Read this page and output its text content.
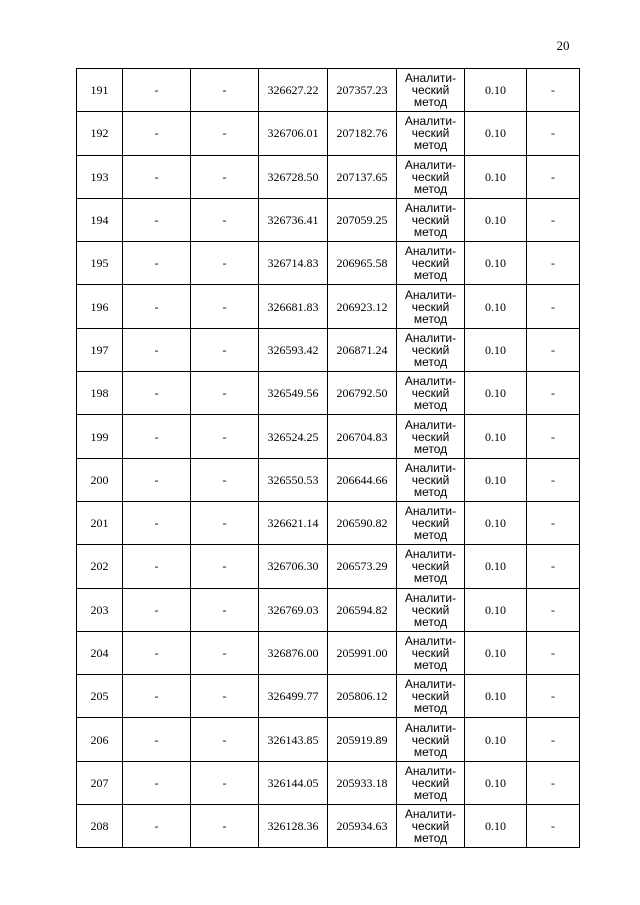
20
191	-	-	326627.22	207357.23	Аналити-
ческий
метод	0.10	-
192	-	-	326706.01	207182.76	Аналити-
ческий
метод	0.10	-
193	-	-	326728.50	207137.65	Аналити-
ческий
метод	0.10	-
194	-	-	326736.41	207059.25	Аналити-
ческий
метод	0.10	-
195	-	-	326714.83	206965.58	Аналити-
ческий
метод	0.10	-
196	-	-	326681.83	206923.12	Аналити-
ческий
метод	0.10	-
197	-	-	326593.42	206871.24	Аналити-
ческий
метод	0.10	-
198	-	-	326549.56	206792.50	Аналити-
ческий
метод	0.10	-
199	-	-	326524.25	206704.83	Аналити-
ческий
метод	0.10	-
200	-	-	326550.53	206644.66	Аналити-
ческий
метод	0.10	-
201	-	-	326621.14	206590.82	Аналити-
ческий
метод	0.10	-
202	-	-	326706.30	206573.29	Аналити-
ческий
метод	0.10	-
203	-	-	326769.03	206594.82	Аналити-
ческий
метод	0.10	-
204	-	-	326876.00	205991.00	Аналити-
ческий
метод	0.10	-
205	-	-	326499.77	205806.12	Аналити-
ческий
метод	0.10	-
206	-	-	326143.85	205919.89	Аналити-
ческий
метод	0.10	-
207	-	-	326144.05	205933.18	Аналити-
ческий
метод	0.10	-
208	-	-	326128.36	205934.63	Аналити-
ческий
метод	0.10	-
